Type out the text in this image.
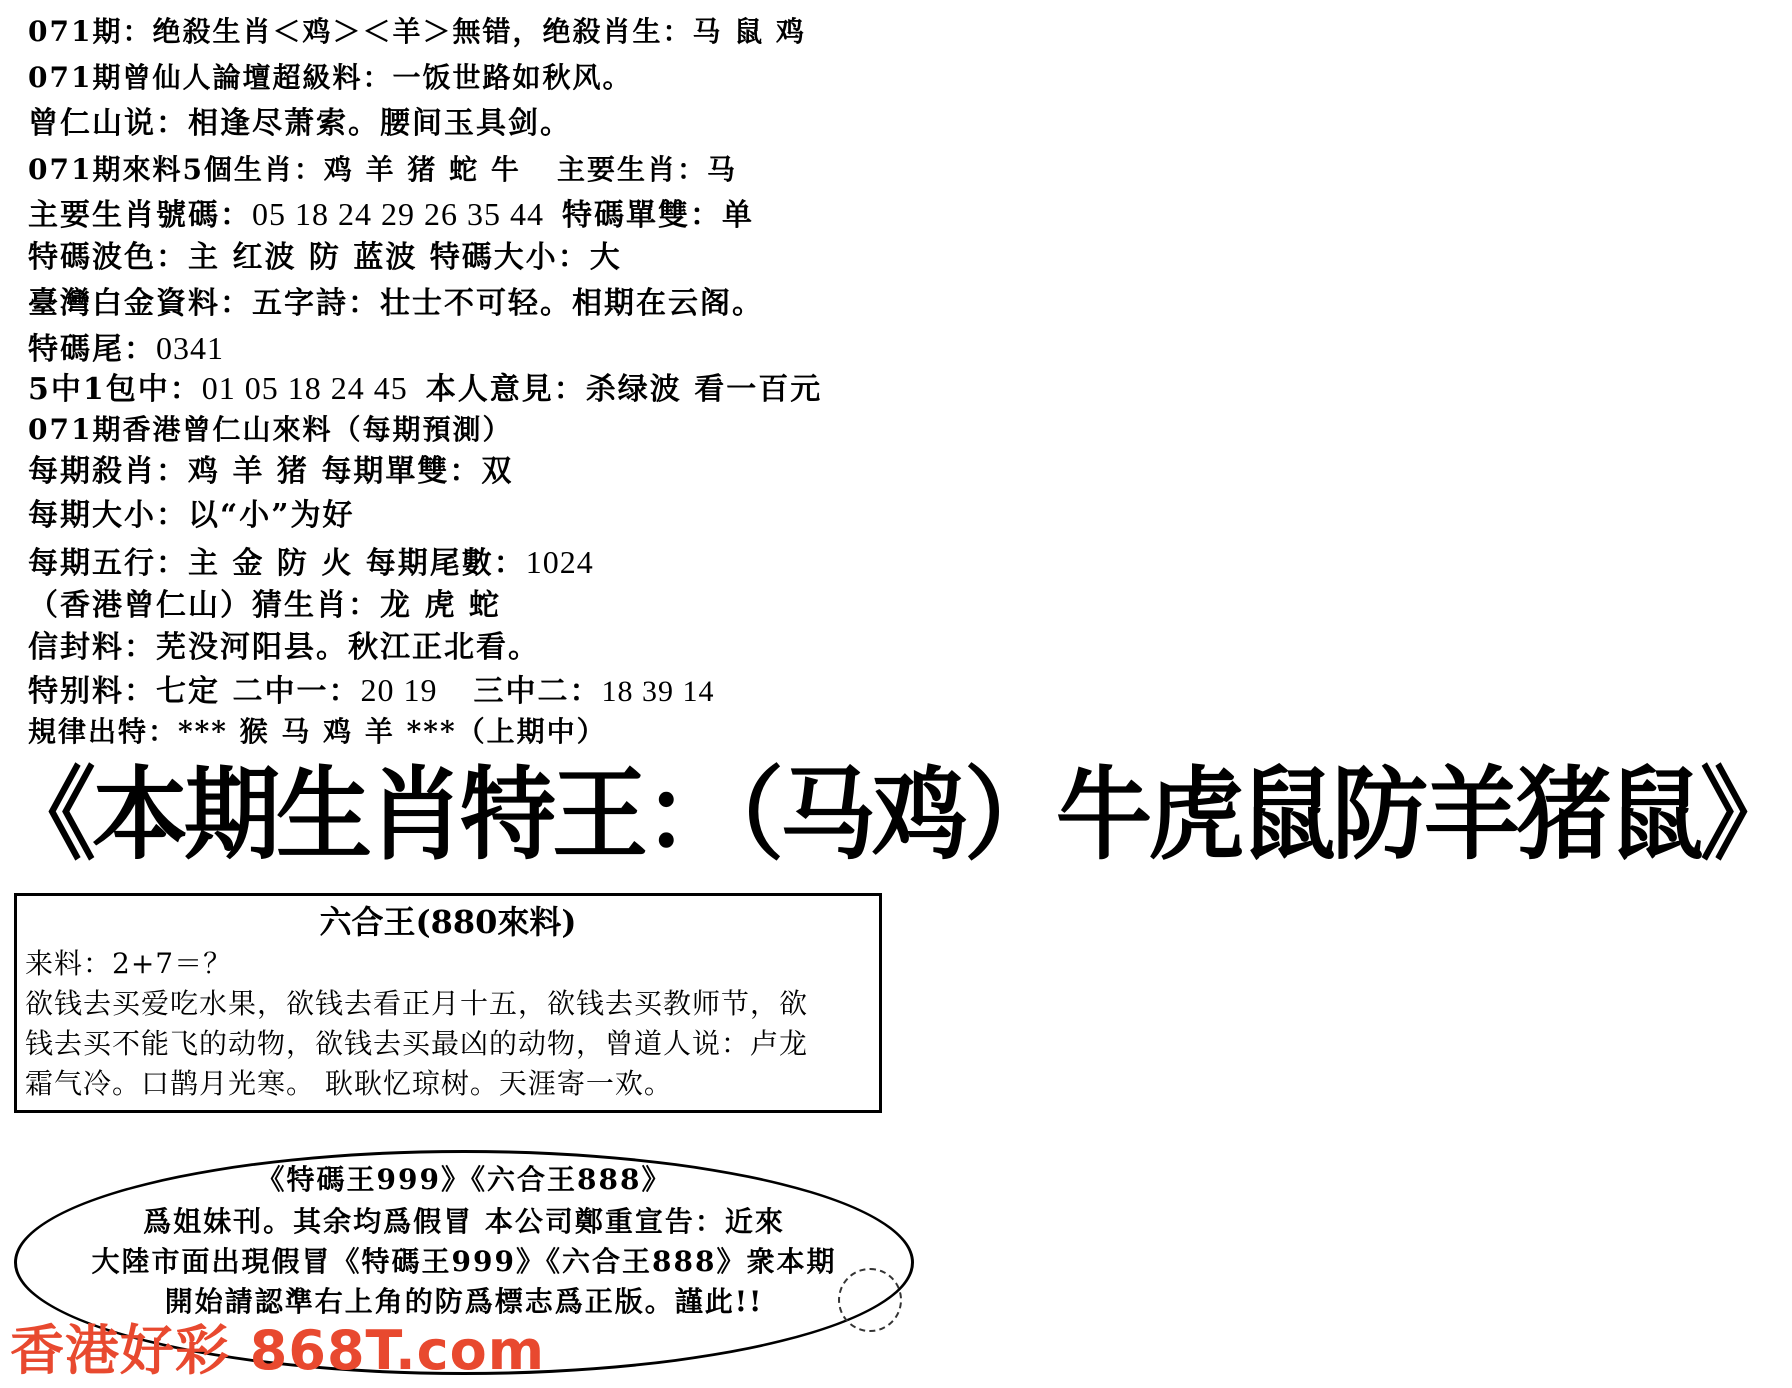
071期：绝殺生肖＜鸡＞＜羊＞無错，绝殺肖生：马 鼠 鸡
071期曾仙人論壇超級料：一饭世路如秋风。
曾仁山说：相逢尽萧索。腰间玉具剑。
071期來料5個生肖：鸡 羊 猪 蛇 牛 主要生肖：马
主要生肖號碼：05 18 24 29 26 35 44 特碼單雙：单
特碼波色：主 红波 防 蓝波 特碼大小：大
臺灣白金資料：五字詩：壮士不可轻。相期在云阁。
特碼尾：0341
5中1包中：01 05 18 24 45 本人意見：杀绿波 看一百元
071期香港曾仁山來料（每期預測）
每期殺肖：鸡 羊 猪 每期單雙：双
每期大小：以“小”为好
每期五行：主 金 防 火 每期尾數：1024
（香港曾仁山）猜生肖：龙 虎 蛇
信封料：芜没河阳县。秋江正北看。
特别料：七定 二中一：20 19 三中二：18 39 14
規律出特：*** 猴 马 鸡 羊 ***（上期中）
《本期生肖特王：（马鸡）牛虎鼠防羊猪鼠》
六合王(880來料)
来料：2+7＝？
欲钱去买爱吃水果，欲钱去看正月十五，欲钱去买教师节，欲
钱去买不能飞的动物，欲钱去买最凶的动物，曾道人说：卢龙
霜气冷。口鹊月光寒。 耿耿忆琼树。天涯寄一欢。
《特碼王999》《六合王888》
爲姐妹刊。其余均爲假冒 本公司鄭重宣告：近來
大陸市面出現假冒《特碼王999》《六合王888》衆本期
開始請認準右上角的防爲標志爲正版。謹此!!
香港好彩 868T.com
